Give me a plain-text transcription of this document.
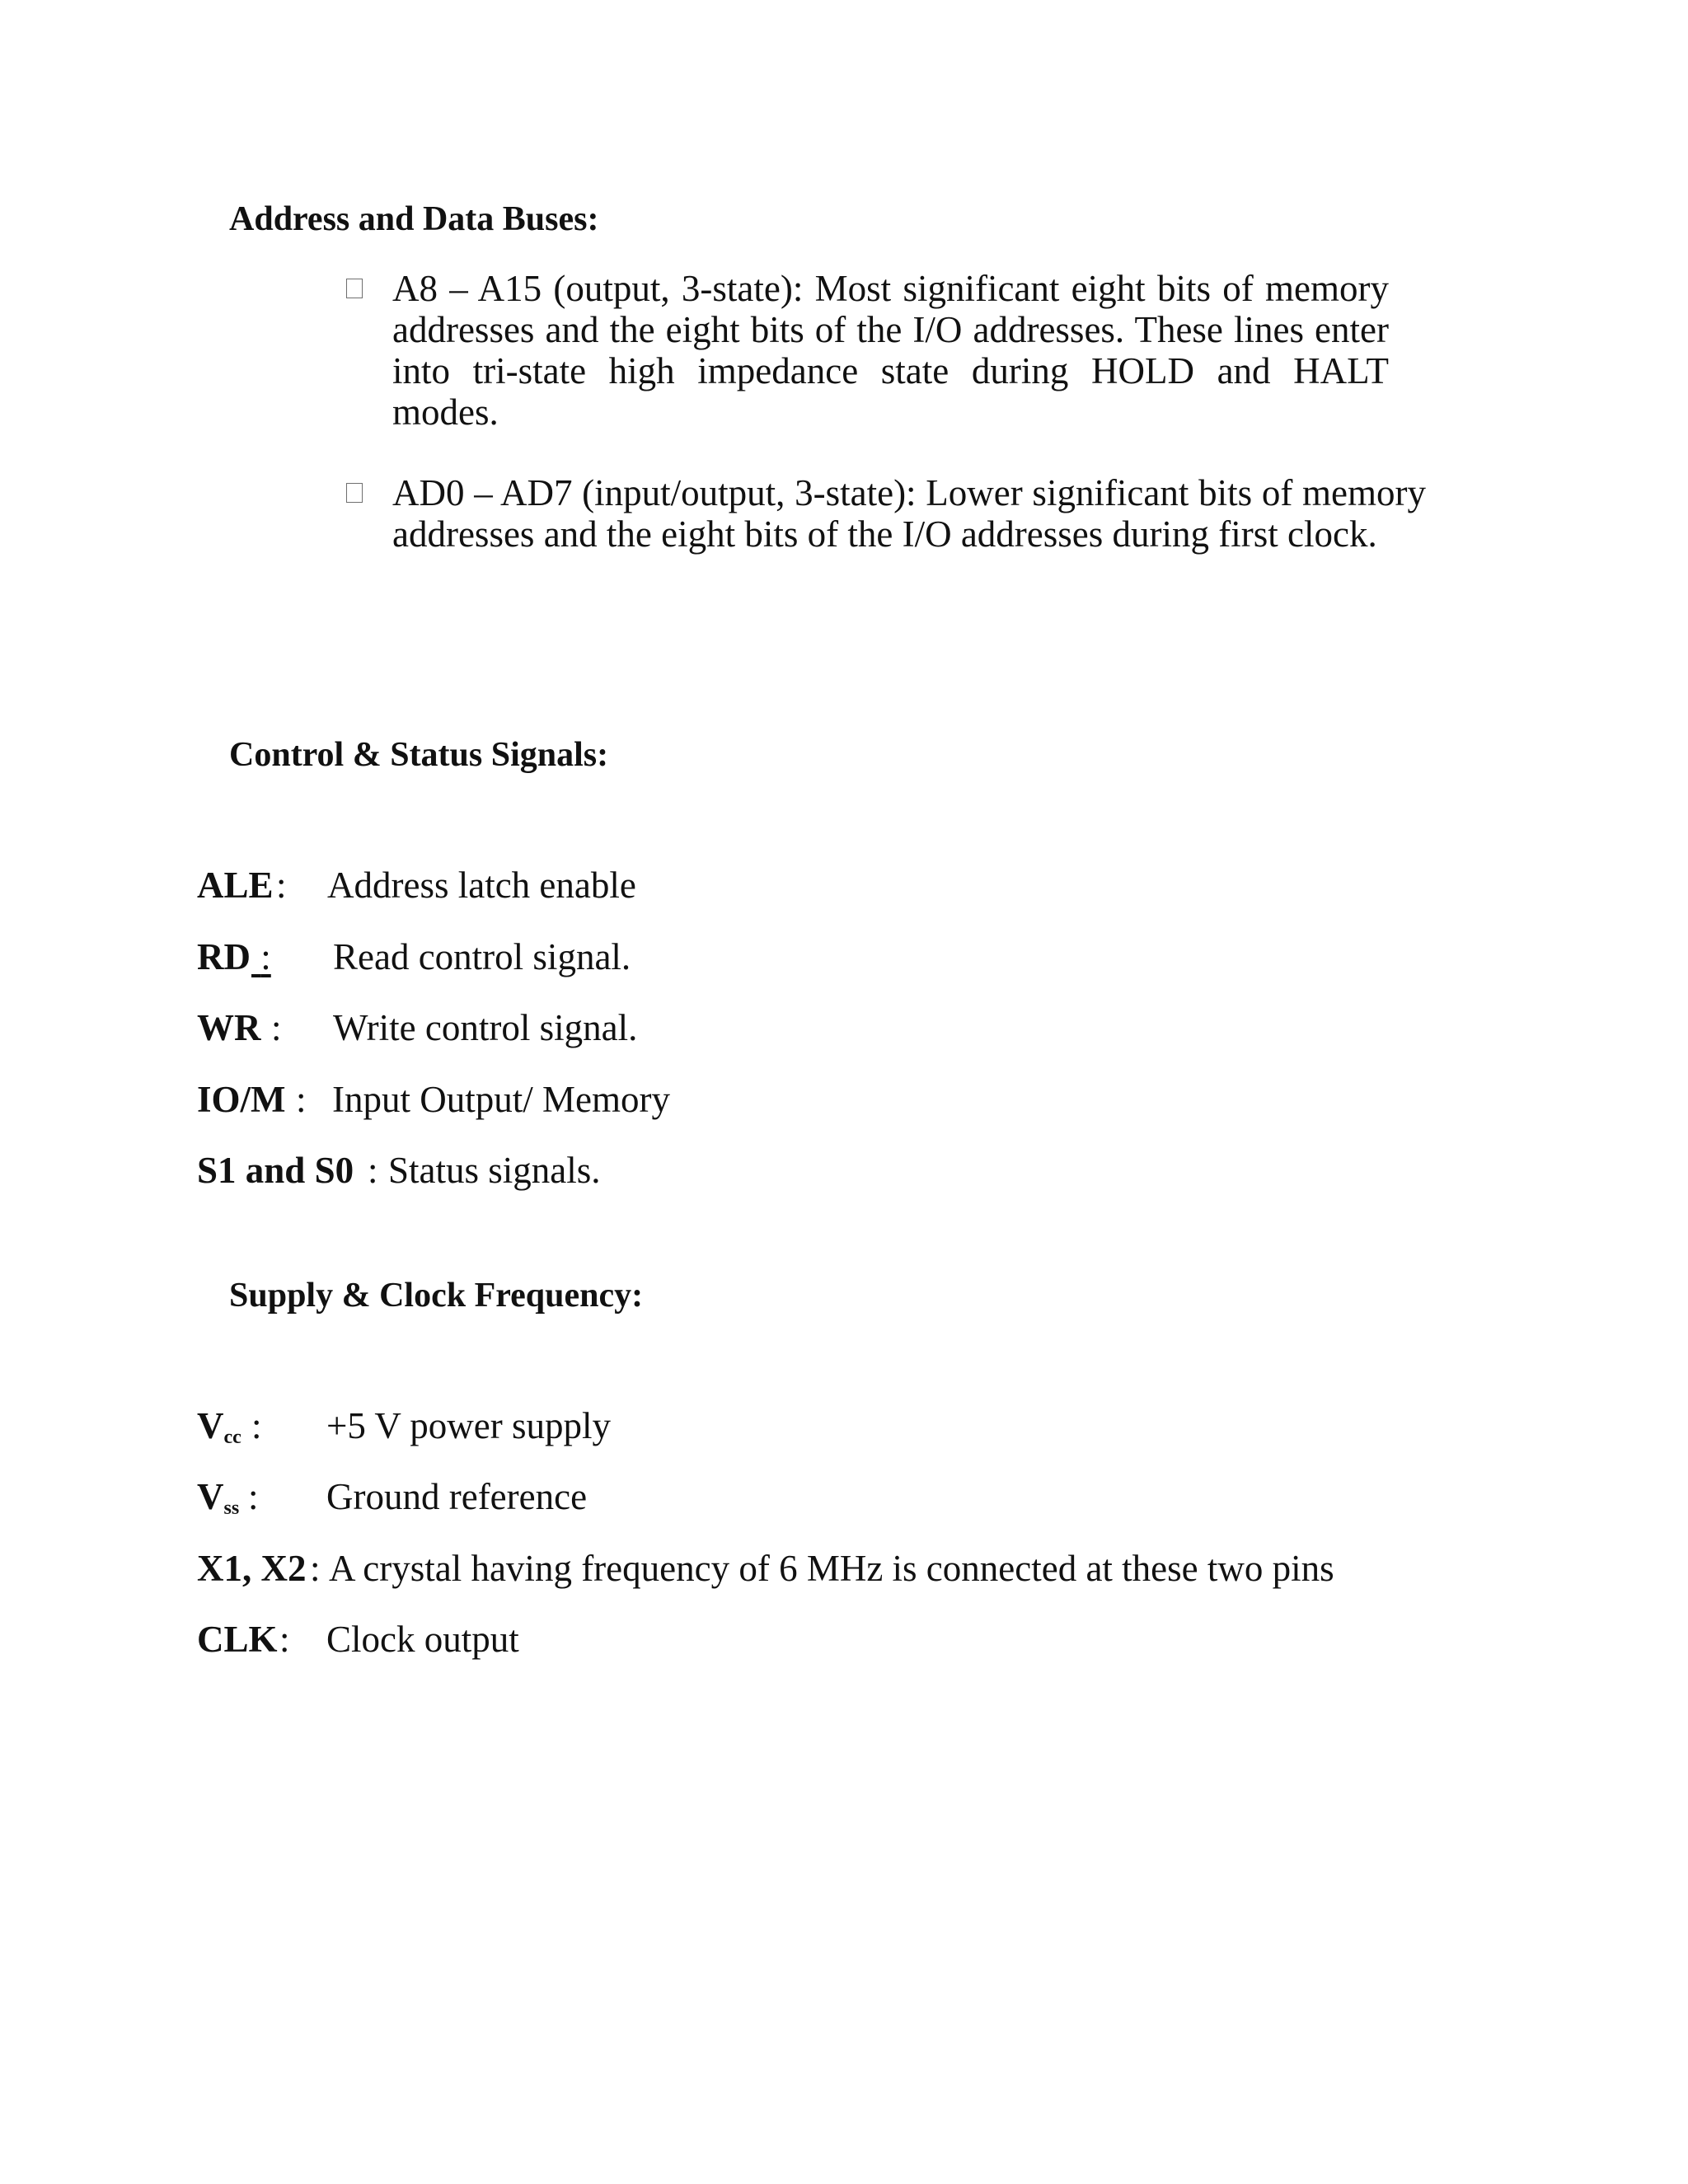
Address and Data Buses:
A8 – A15 (output, 3-state): Most significant eight bits of memory addresses and the eight bits of the I/O addresses. These lines enter into tri-state high impedance state during HOLD and HALT modes.
AD0 – AD7 (input/output, 3-state): Lower significant bits of memory addresses and the eight bits of the I/O addresses during first clock.
Control & Status Signals:
ALE : Address latch enable
RD : Read control signal.
WR : Write control signal.
IO/M : Input Output/ Memory
S1 and S0 : Status signals.
Supply & Clock Frequency:
$V_{cc}$ : +5 V power supply
$V_{ss}$ : Ground reference
X1, X2 : A crystal having frequency of 6 MHz is connected at these two pins
CLK : Clock output
